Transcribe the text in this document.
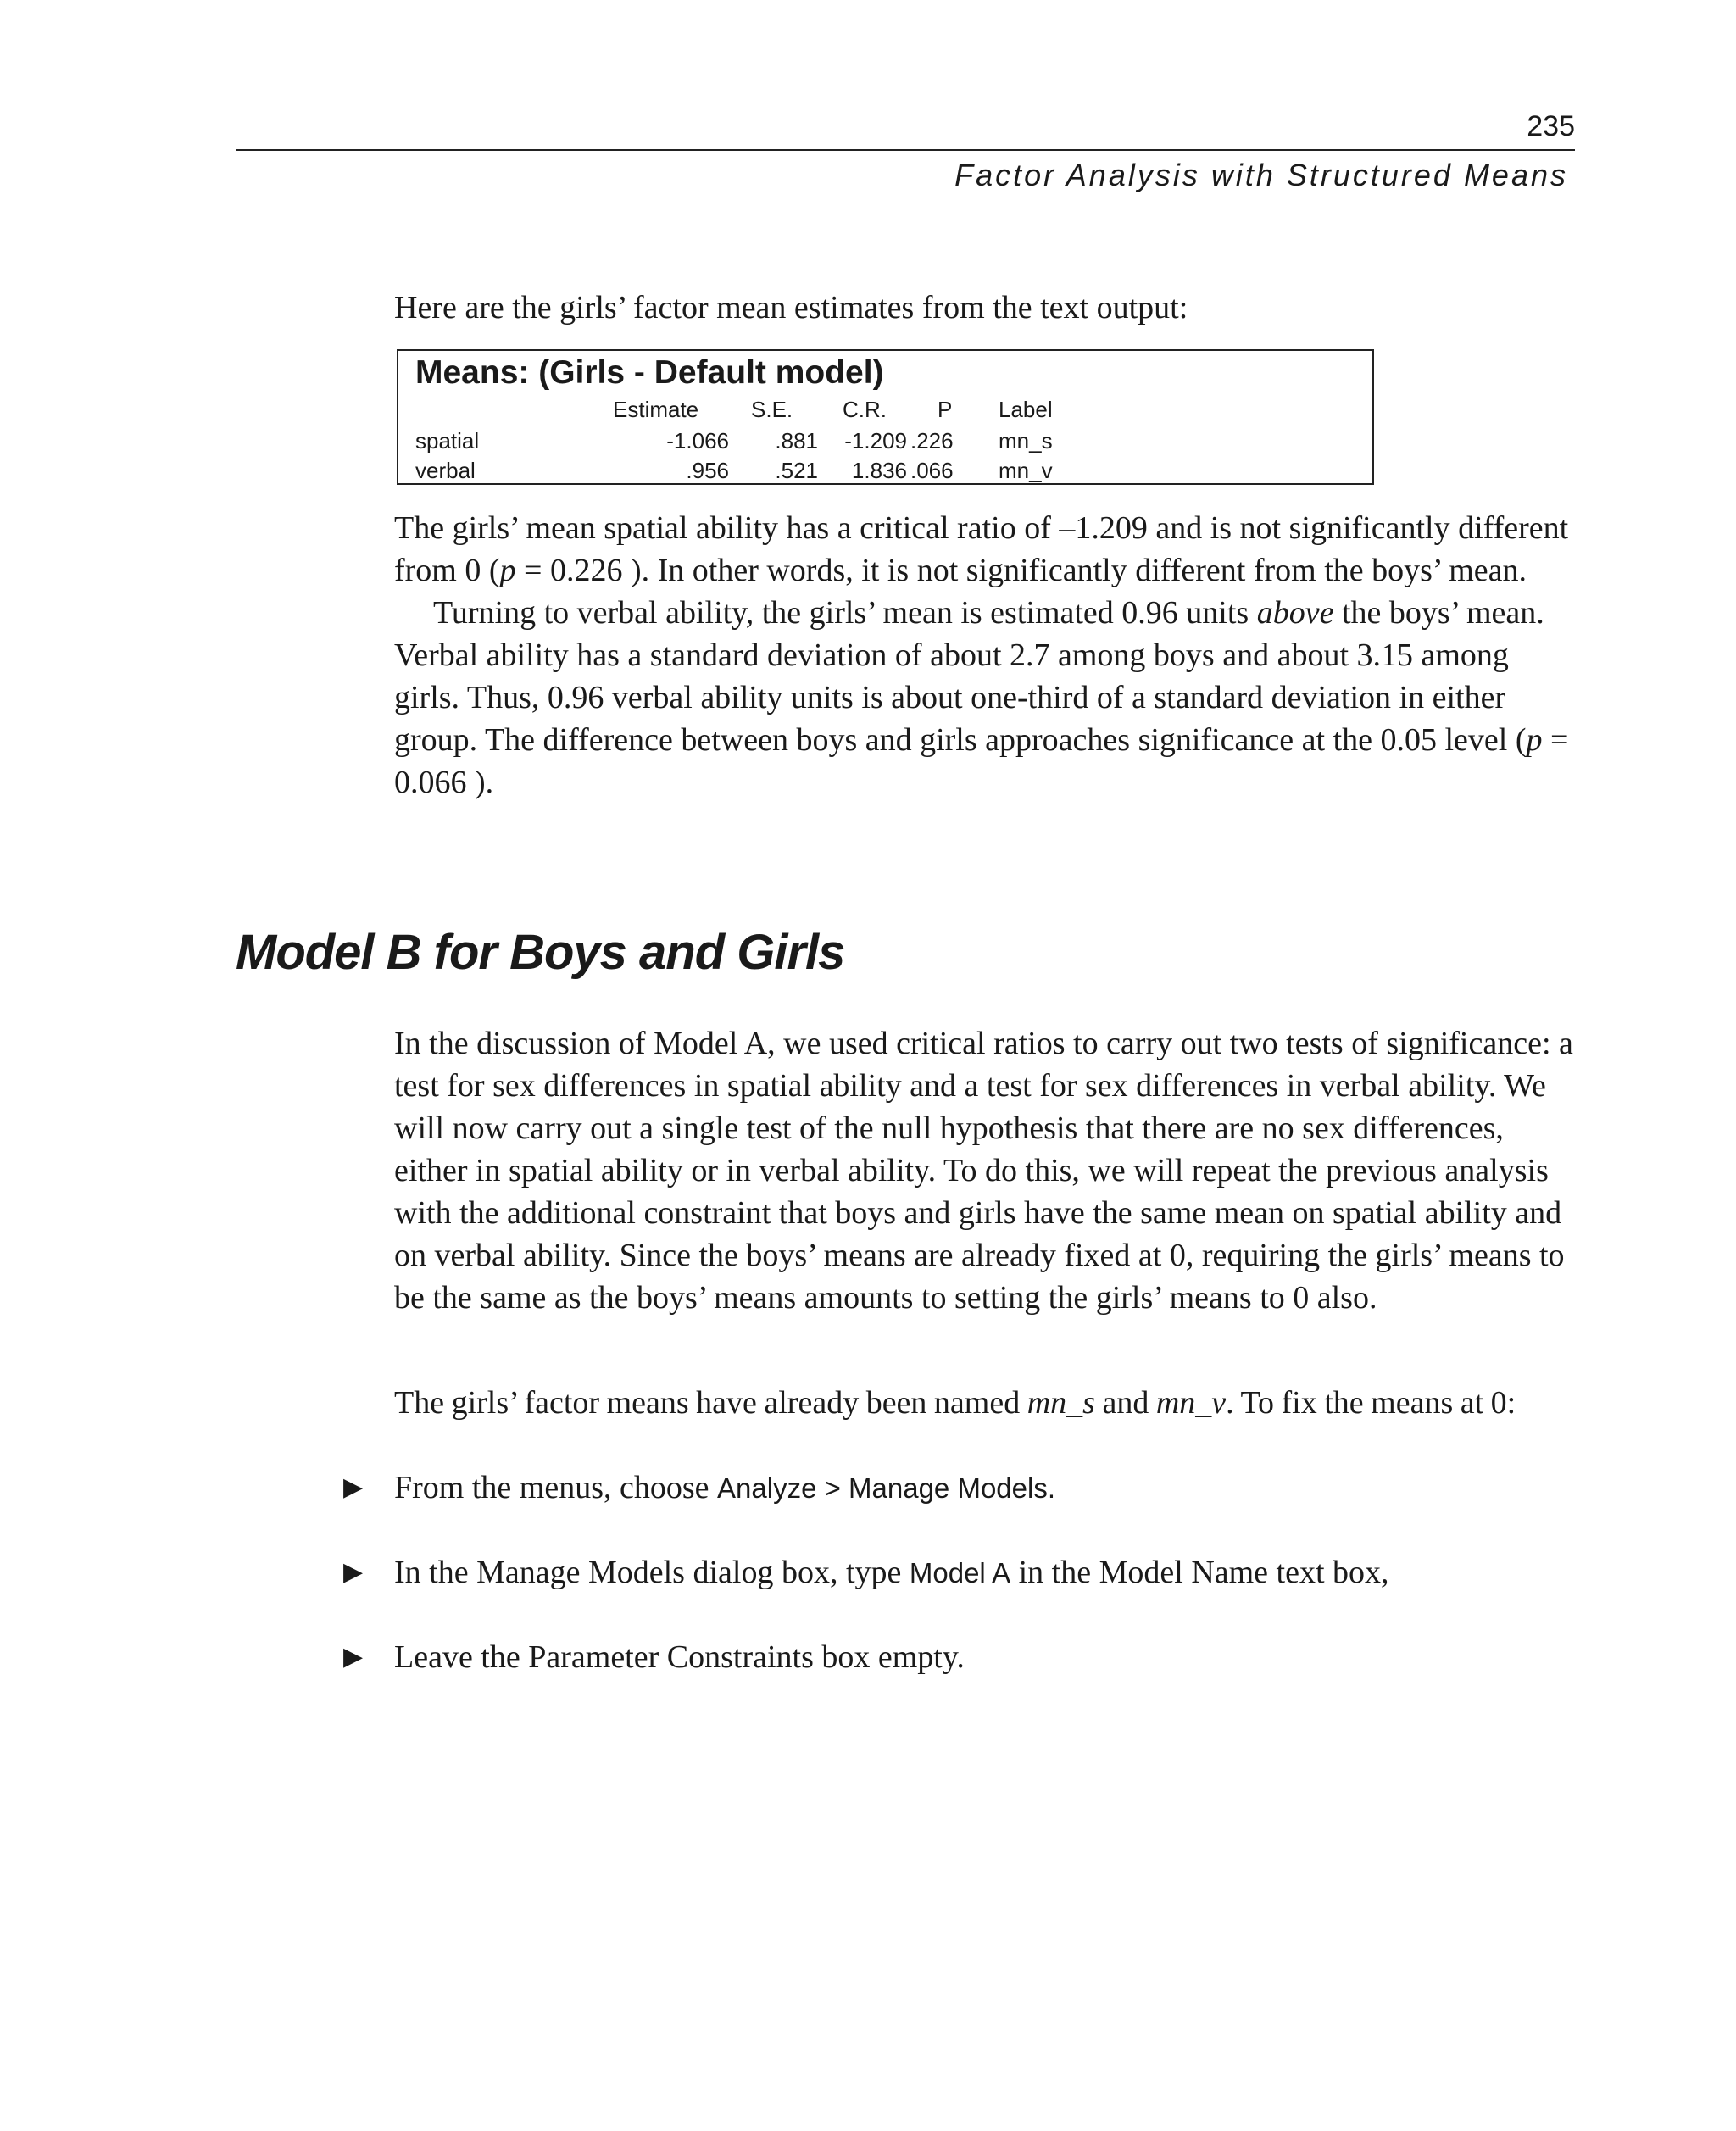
235
Factor Analysis with Structured Means

Here are the girls’ factor mean estimates from the text output:

Means: (Girls - Default model)
Estimate S.E. C.R. P Label
spatial	-1.066	.881	-1.209 .226 mn_s
verbal	.956	.521	1.836 .066 mn_v

The girls’ mean spatial ability has a critical ratio of –1.209 and is not significantly different from 0 (p = 0.226 ). In other words, it is not significantly different from the boys’ mean.

Turning to verbal ability, the girls’ mean is estimated 0.96 units above the boys’ mean. Verbal ability has a standard deviation of about 2.7 among boys and about 3.15 among girls. Thus, 0.96 verbal ability units is about one-third of a standard deviation in either group. The difference between boys and girls approaches significance at the 0.05 level (p = 0.066 ).

Model B for Boys and Girls

In the discussion of Model A, we used critical ratios to carry out two tests of significance: a test for sex differences in spatial ability and a test for sex differences in verbal ability. We will now carry out a single test of the null hypothesis that there are no sex differences, either in spatial ability or in verbal ability. To do this, we will repeat the previous analysis with the additional constraint that boys and girls have the same mean on spatial ability and on verbal ability. Since the boys’ means are already fixed at 0, requiring the girls’ means to be the same as the boys’ means amounts to setting the girls’ means to 0 also.

The girls’ factor means have already been named mn_s and mn_v. To fix the means at 0:

▶ From the menus, choose Analyze > Manage Models.
▶ In the Manage Models dialog box, type Model A in the Model Name text box,
▶ Leave the Parameter Constraints box empty.
